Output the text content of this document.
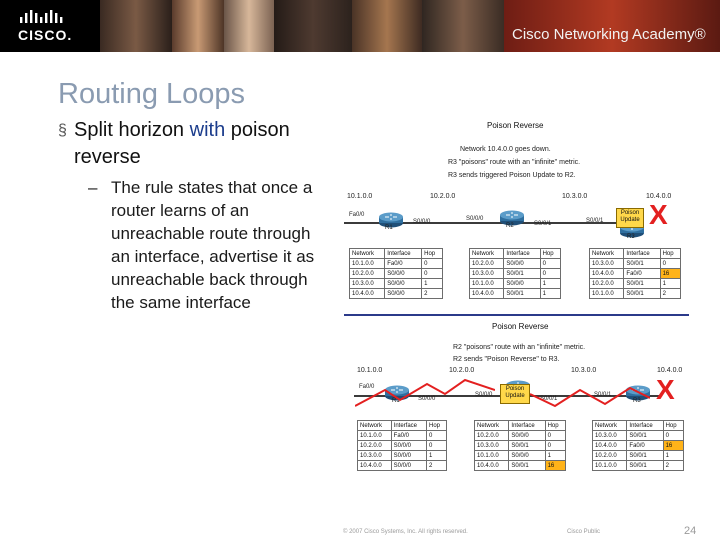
CISCO.	Cisco Networking Academy®
Routing Loops
§ Split horizon with poison reverse
– The rule states that once a router learns of an unreachable route through an interface, advertise it as unreachable back through the same interface
Poison Reverse
Network 10.4.0.0 goes down.
R3 "poisons" route with an "infinite" metric.
R3 sends triggered Poison Update to R2.
10.1.0.0	10.2.0.0	10.3.0.0	10.4.0.0
Fa0/0
S0/0/0	S0/0/0
S0/0/1	S0/0/1
R1	R2
R3
Poison Update X
Network	Interface	Hop
10.1.0.0	Fa0/0	0
10.2.0.0	S0/0/0	0
10.3.0.0	S0/0/0	1
10.4.0.0	S0/0/0	2
Network	Interface	Hop
10.2.0.0	S0/0/0	0
10.3.0.0	S0/0/1	0
10.1.0.0	S0/0/0	1
10.4.0.0	S0/0/1	1
Network	Interface	Hop
10.3.0.0	S0/0/1	0
10.4.0.0	Fa0/0	16
10.2.0.0	S0/0/1	1
10.1.0.0	S0/0/1	2
Poison Reverse
R2 "poisons" route with an "infinite" metric.
R2 sends "Poison Reverse" to R3.
10.1.0.0	10.2.0.0	10.3.0.0	10.4.0.0
Fa0/0
S0/0/0
S0/0/0
S0/0/1
S0/0/1
R1	R3
Poison Update	X
Network	Interface	Hop
10.1.0.0	Fa0/0	0
10.2.0.0	S0/0/0	0
10.3.0.0	S0/0/0	1
10.4.0.0	S0/0/0	2
Network	Interface	Hop
10.2.0.0	S0/0/0	0
10.3.0.0	S0/0/1	0
10.1.0.0	S0/0/0	1
10.4.0.0	S0/0/1	16
Network	Interface	Hop
10.3.0.0	S0/0/1	0
10.4.0.0	Fa0/0	16
10.2.0.0	S0/0/1	1
10.1.0.0	S0/0/1	2
© 2007 Cisco Systems, Inc. All rights reserved.	Cisco Public	24
